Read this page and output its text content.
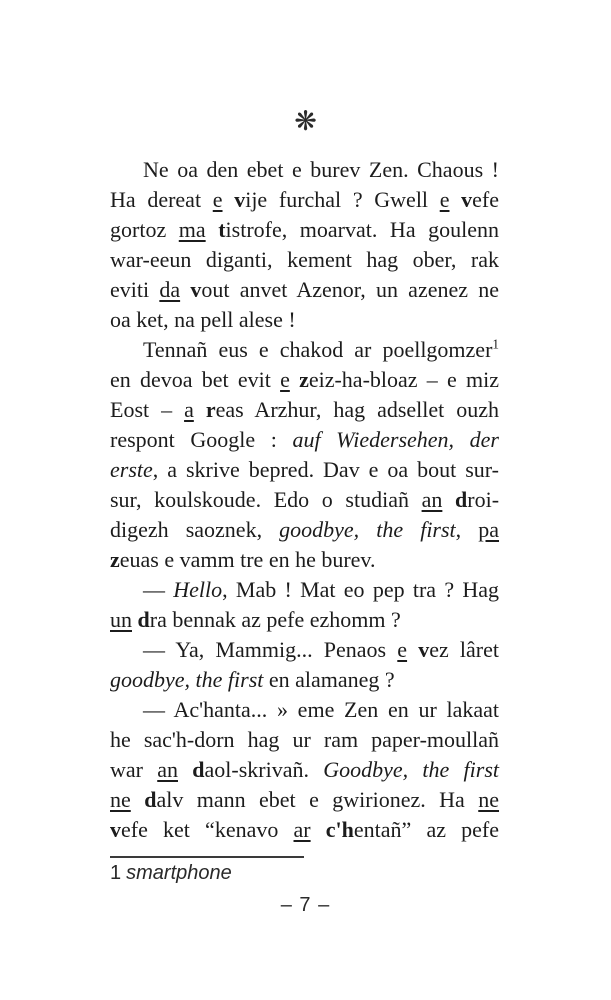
❋
Ne oa den ebet e burev Zen. Chaous !
Ha dereat e vije furchal ? Gwell e vefe
gortoz ma tistrofe, moarvat. Ha goulenn
war-eeun diganti, kement hag ober, rak
eviti da vout anvet Azenor, un azenez ne
oa ket, na pell alese !
Tennañ eus e chakod ar poellgomzer$^1$
en devoa bet evit e zeiz-ha-bloaz – e miz
Eost – a reas Arzhur, hag adsellet ouzh
respont Google : auf Wiedersehen, der
erste, a skrive bepred. Dav e oa bout sur-
sur, koulskoude. Edo o studiañ an droi-
digezh saoznek, goodbye, the first, pa
zeuas e vamm tre en he burev.
— Hello, Mab ! Mat eo pep tra ? Hag
un dra bennak az pefe ezhomm ?
— Ya, Mammig... Penaos e vez lâret
goodbye, the first en alamaneg ?
— Ac'hanta... » eme Zen en ur lakaat
he sac'h-dorn hag ur ram paper-moullañ
war an daol-skrivañ. Goodbye, the first
ne dalv mann ebet e gwirionez. Ha ne
vefe ket “kenavo ar c'hentañ” az pefe
1 smartphone
– 7 –
